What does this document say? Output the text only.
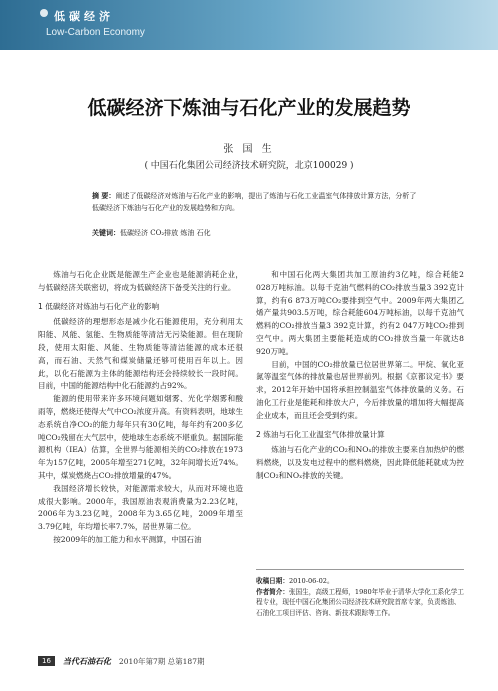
低碳经济
Low-Carbon Economy
低碳经济下炼油与石化产业的发展趋势
张 国 生
( 中国石化集团公司经济技术研究院，北京100029 )
摘 要：阐述了低碳经济对炼油与石化产业的影响，提出了炼油与石化工业温室气体排放计算方法，分析了低碳经济下炼油与石化产业的发展趋势和方向。
关键词：低碳经济 CO₂排放 炼油 石化

炼油与石化企业既是能源生产企业也是能源消耗企业，与低碳经济关联密切，将成为低碳经济下备受关注的行业。

1 低碳经济对炼油与石化产业的影响

低碳经济的理想形态是减少化石能源使用，充分利用太阳能、风能、氢能、生物质能等清洁无污染能源。但在现阶段，使用太阳能、风能、生物质能等清洁能源的成本还很高，而石油、天然气和煤炭储量还够可使用百年以上。因此，以化石能源为主体的能源结构还会持续较长一段时间。目前，中国的能源结构中化石能源约占92%。

能源的使用带来许多环境问题如烟雾、光化学烟雾和酸雨等，燃烧还使得大气中CO₂浓度升高。有资料表明，地球生态系统自净CO₂的能力每年只有30亿吨，每年约有200多亿吨CO₂残留在大气层中，使地球生态系统不堪重负。据国际能源机构（IEA）估算，全世界与能源相关的CO₂排放在1973年为157亿吨，2005年增至271亿吨，32年间增长近74%。其中，煤炭燃烧占CO₂排放增量的47%。

我国经济增长较快，对能源需求较大，从而对环境也造成很大影响。2000年，我国原油表观消费量为2.23亿吨，2006年为3.23亿吨，2008年为3.65亿吨，2009年增至3.79亿吨，年均增长率7.7%，居世界第二位。

按2009年的加工能力和水平测算，中国石油

和中国石化两大集团共加工原油约3亿吨，综合耗能2 028万吨标油。以每千克油气燃料的CO₂排放当量3 392克计算，约有6 873万吨CO₂要排到空气中。2009年两大集团乙烯产量共903.5万吨，综合耗能604万吨标油，以每千克油气燃料的CO₂排放当量3 392克计算，约有2 047万吨CO₂排到空气中。两大集团主要能耗造成的CO₂排放当量一年就达8 920万吨。

目前，中国的CO₂排放量已位居世界第二。甲烷、氧化亚氮等温室气体的排放量也居世界前列。根据《京都议定书》要求，2012年开始中国将承担控制温室气体排放量的义务。石油化工行业是能耗和排放大户，今后排放量的增加将大幅提高企业成本，而且还会受到约束。

2 炼油与石化工业温室气体排放量计算

炼油与石化产业的CO₂和NOₓ的排放主要来自加热炉的燃料燃烧，以及发电过程中的燃料燃烧，因此降低能耗就成为控制CO₂和NOₓ排放的关键。

收稿日期：2010-06-02。
作者简介：张国生，高级工程师，1980年毕业于清华大学化工系化学工程专业，现任中国石化集团公司经济技术研究院首席专家，负责炼油、石油化工项目评估、咨询、新技术跟踪等工作。
16	当代石油石化 2010年第7期 总第187期
